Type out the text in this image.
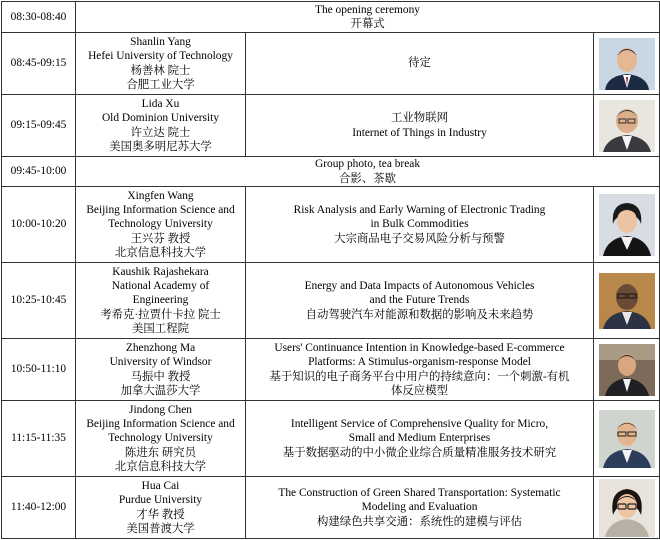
08:30-08:40	The opening ceremony
开幕式		

08:45-09:15	Shanlin Yang
Hefei University of Technology
杨善林 院士
合肥工业大学	待定

09:15-09:45	Lida Xu
Old Dominion University
许立达 院士
美国奥多明尼苏大学	工业物联网
Internet of Things in Industry

09:45-10:00	Group photo, tea break
合影、茶歇		

10:00-10:20	Xingfen Wang
Beijing Information Science and
Technology University
王兴芬 教授
北京信息科技大学	Risk Analysis and Early Warning of Electronic Trading
in Bulk Commodities
大宗商品电子交易风险分析与预警

10:25-10:45	Kaushik Rajashekara
National Academy of
Engineering
考希克·拉贾什卡拉 院士
美国工程院	Energy and Data Impacts of Autonomous Vehicles
and the Future Trends
自动驾驶汽车对能源和数据的影响及未来趋势

10:50-11:10	Zhenzhong Ma
University of Windsor
马振中 教授
加拿大温莎大学	Users' Continuance Intention in Knowledge-based E-commerce
Platforms: A Stimulus-organism-response Model
基于知识的电子商务平台中用户的持续意向：一个刺激-有机
体反应模型

11:15-11:35	Jindong Chen
Beijing Information Science and
Technology University
陈进东 研究员
北京信息科技大学	Intelligent Service of Comprehensive Quality for Micro,
Small and Medium Enterprises
基于数据驱动的中小微企业综合质量精准服务技术研究

11:40-12:00	Hua Cai
Purdue University
才华 教授
美国普渡大学	The Construction of Green Shared Transportation: Systematic
Modeling and Evaluation
构建绿色共享交通：系统性的建模与评估
